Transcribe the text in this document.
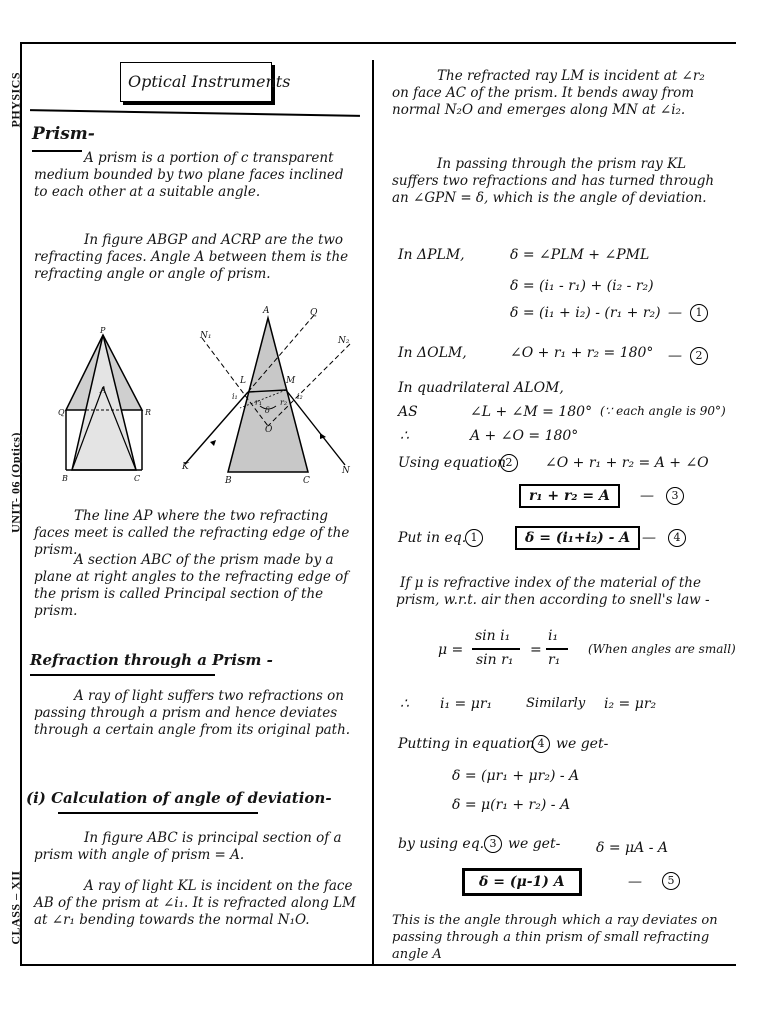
PHYSICS
UNIT- 06 (Optics)
CLASS – XII
Optical Instruments
Prism-

A prism is a portion of c transparent medium bounded by two plane faces inclined to each other at a suitable angle.

In figure ABGP and ACRP are the two refracting faces. Angle A between them is the refracting angle or angle of prism.

P
A
Q	R
B	C
A	Q
N₁	N₂
L	M
i₁	i₂
r₁ r₂
δ
O
K
B	C
N

The line AP where the two refracting faces meet is called the refracting edge of the prism.

A section ABC of the prism made by a plane at right angles to the refracting edge of the prism is called Principal section of the prism.

Refraction through a Prism -

A ray of light suffers two refractions on passing through a prism and hence deviates through a certain angle from its original path.

(i) Calculation of angle of deviation-

In figure ABC is principal section of a prism with angle of prism = A.

A ray of light KL is incident on the face AB of the prism at ∠i₁. It is refracted along LM at ∠r₁ bending towards the normal N₁O.

The refracted ray LM is incident at ∠r₂ on face AC of the prism. It bends away from normal N₂O and emerges along MN at ∠i₂.

In passing through the prism ray KL suffers two refractions and has turned through an ∠GPN = δ, which is the angle of deviation.

In ΔPLM,	δ = ∠PLM + ∠PML
δ = (i₁ - r₁) + (i₂ - r₂)
δ = (i₁ + i₂) - (r₁ + r₂) —	1
In ΔOLM,	∠O + r₁ + r₂ = 180° —	2
In quadrilateral ALOM,
AS	∠L + ∠M = 180° (∵ each angle is 90°)
∴	A + ∠O = 180°
Using equation 2	∠O + r₁ + r₂ = A + ∠O
r₁ + r₂ = A	—	3
Put in eq. 1	δ = (i₁+i₂) - A —	4

If μ is refractive index of the material of the prism, w.r.t. air then according to snell's law -

μ =
sin i₁
sin r₁
=
i₁
r₁
(When angles are small)
∴ i₁ = μr₁	Similarly i₂ = μr₂
Putting in equation 4 we get-
δ = (μr₁ + μr₂) - A
δ = μ(r₁ + r₂) - A
by using eq. 3 we get-	δ = μA - A
δ = (μ-1) A	—	5

This is the angle through which a ray deviates on passing through a thin prism of small refracting angle A
